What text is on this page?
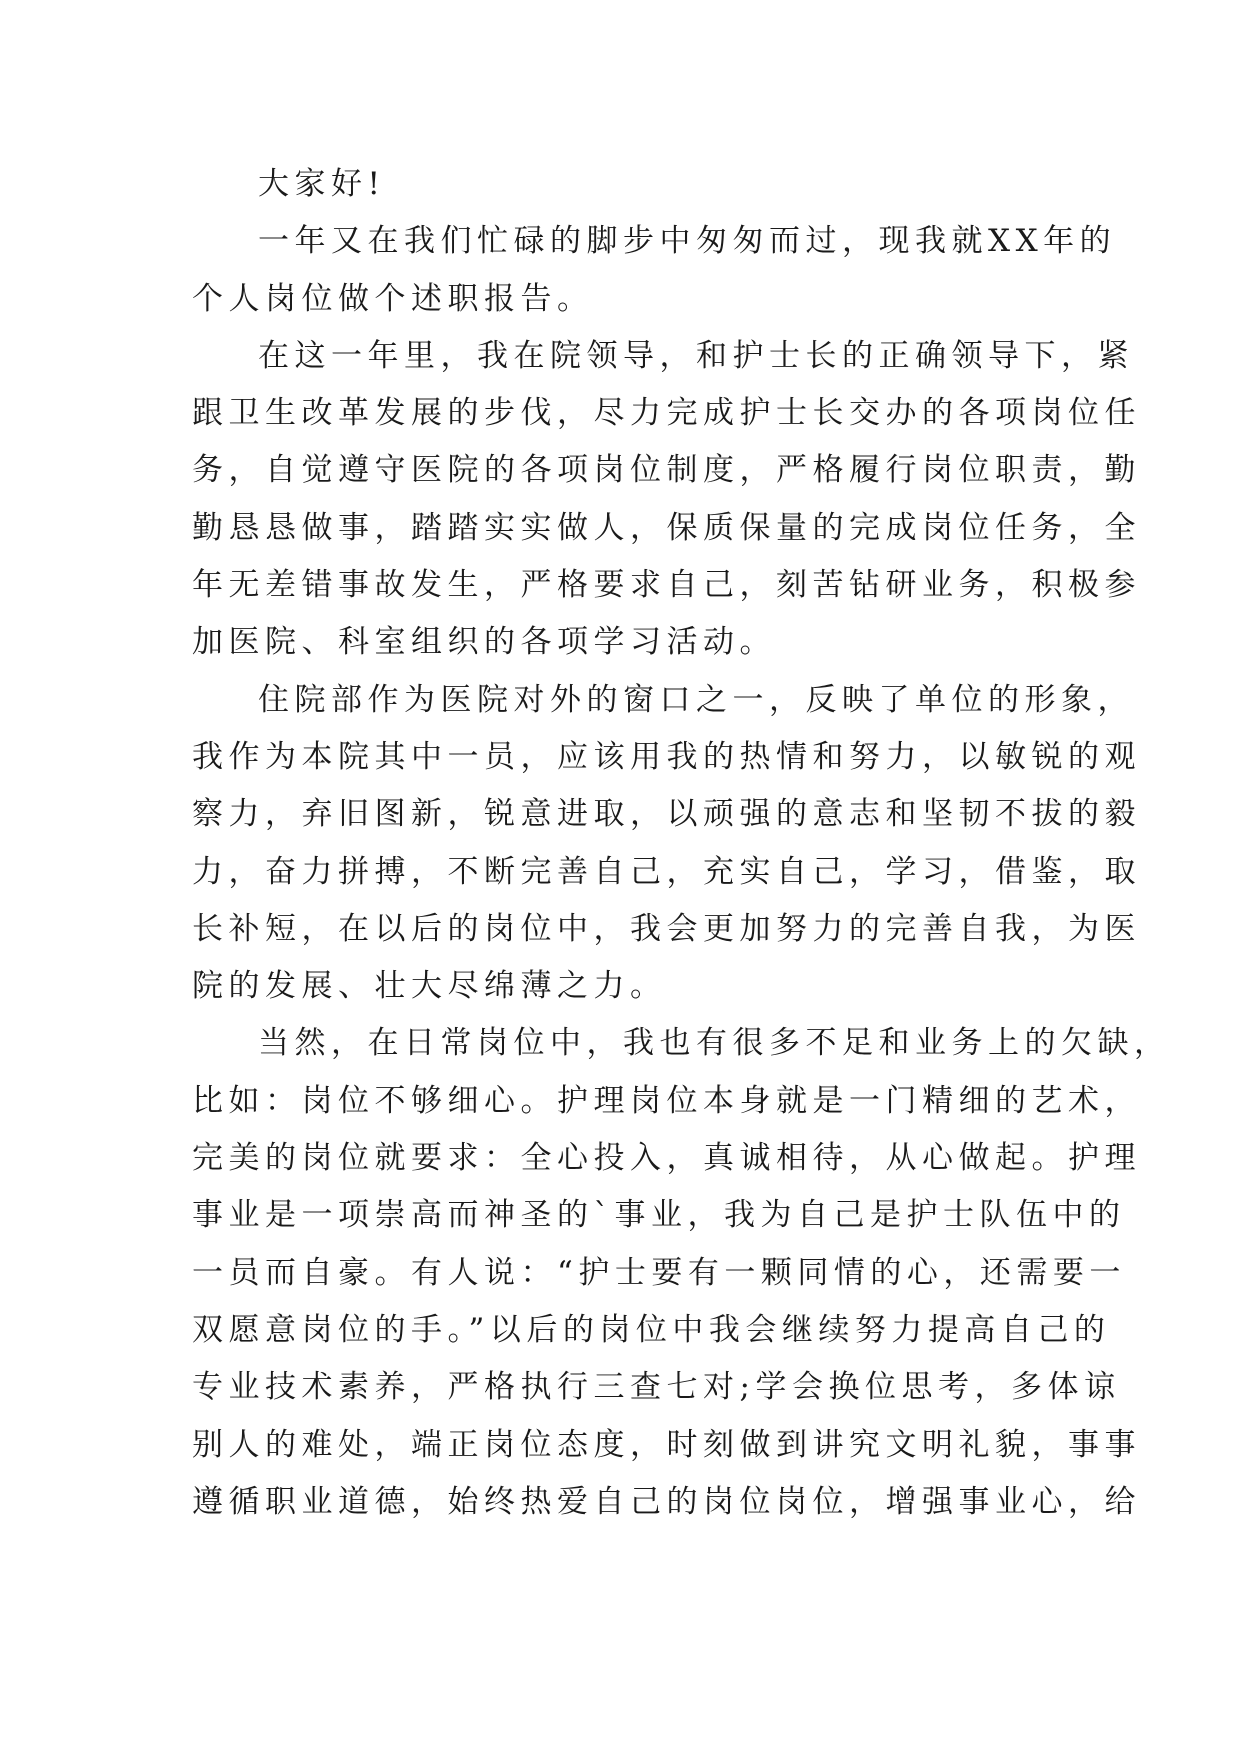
大家好!
一年又在我们忙碌的脚步中匆匆而过，现我就XX年的
个人岗位做个述职报告。
在这一年里，我在院领导，和护士长的正确领导下，紧
跟卫生改革发展的步伐，尽力完成护士长交办的各项岗位任
务，自觉遵守医院的各项岗位制度，严格履行岗位职责，勤
勤恳恳做事，踏踏实实做人，保质保量的完成岗位任务，全
年无差错事故发生，严格要求自己，刻苦钻研业务，积极参
加医院、科室组织的各项学习活动。
住院部作为医院对外的窗口之一，反映了单位的形象，
我作为本院其中一员，应该用我的热情和努力，以敏锐的观
察力，弃旧图新，锐意进取，以顽强的意志和坚韧不拔的毅
力，奋力拼搏，不断完善自己，充实自己，学习，借鉴，取
长补短，在以后的岗位中，我会更加努力的完善自我，为医
院的发展、壮大尽绵薄之力。
当然，在日常岗位中，我也有很多不足和业务上的欠缺，
比如：岗位不够细心。护理岗位本身就是一门精细的艺术，
完美的岗位就要求：全心投入，真诚相待，从心做起。护理
事业是一项崇高而神圣的`事业，我为自己是护士队伍中的
一员而自豪。有人说：“护士要有一颗同情的心，还需要一
双愿意岗位的手。”以后的岗位中我会继续努力提高自己的
专业技术素养，严格执行三查七对;学会换位思考，多体谅
别人的难处，端正岗位态度，时刻做到讲究文明礼貌，事事
遵循职业道德，始终热爱自己的岗位岗位，增强事业心，给
